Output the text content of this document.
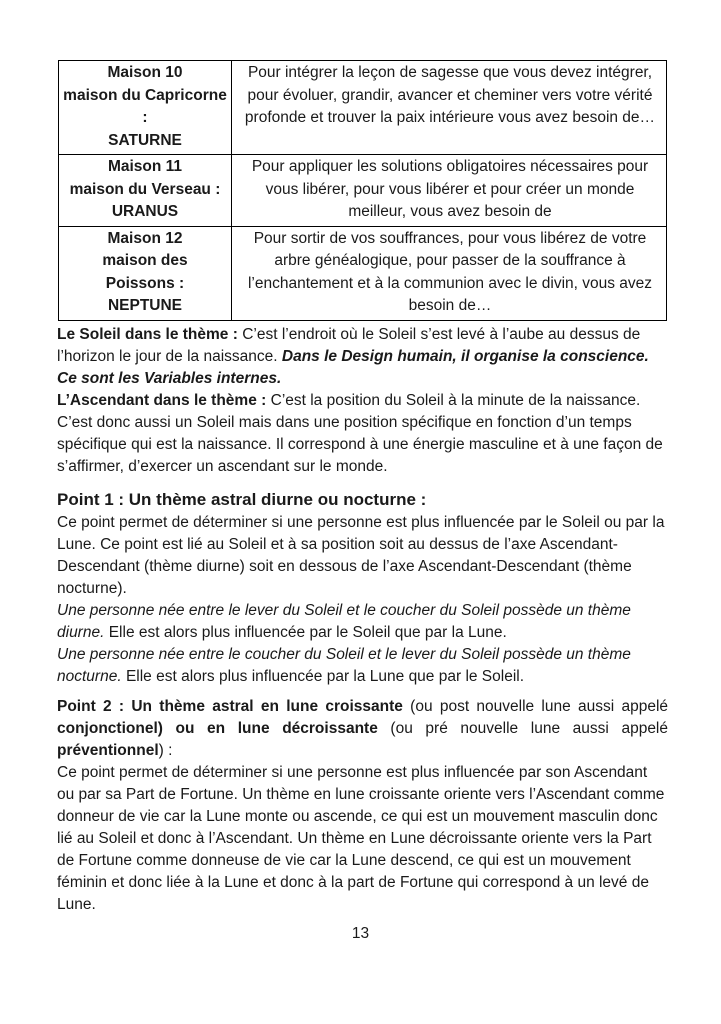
Maison 10
maison du Capricorne :
SATURNE	Pour intégrer la leçon de sagesse que vous devez intégrer, pour évoluer, grandir, avancer et cheminer vers votre vérité profonde et trouver la paix intérieure vous avez besoin de…

Maison 11
maison du Verseau :
URANUS	Pour appliquer les solutions obligatoires nécessaires pour vous libérer, pour vous libérer et pour créer un monde meilleur, vous avez besoin de

Maison 12
maison des
Poissons :
NEPTUNE	Pour sortir de vos souffrances, pour vous libérez de votre arbre généalogique, pour passer de la souffrance à l’enchantement et à la communion avec le divin, vous avez besoin de…

Le Soleil dans le thème : C’est l’endroit où le Soleil s’est levé à l’aube au dessus de l’horizon le jour de la naissance. Dans le Design humain, il organise la conscience. Ce sont les Variables internes.

L’Ascendant dans le thème : C’est la position du Soleil à la minute de la naissance. C’est donc aussi un Soleil mais dans une position spécifique en fonction d’un temps spécifique qui est la naissance. Il correspond à une énergie masculine et à une façon de s’affirmer, d’exercer un ascendant sur le monde.

Point 1 : Un thème astral diurne ou nocturne :

Ce point permet de déterminer si une personne est plus influencée par le Soleil ou par la Lune. Ce point est lié au Soleil et à sa position soit au dessus de l’axe Ascendant-Descendant (thème diurne) soit en dessous de l’axe Ascendant-Descendant (thème nocturne).

Une personne née entre le lever du Soleil et le coucher du Soleil possède un thème diurne. Elle est alors plus influencée par le Soleil que par la Lune.

Une personne née entre le coucher du Soleil et le lever du Soleil possède un thème nocturne. Elle est alors plus influencée par la Lune que par le Soleil.

Point 2 : Un thème astral en lune croissante (ou post nouvelle lune aussi appelé conjonctionel) ou en lune décroissante (ou pré nouvelle lune aussi appelé préventionnel) :

Ce point permet de déterminer si une personne est plus influencée par son Ascendant ou par sa Part de Fortune. Un thème en lune croissante oriente vers l’Ascendant comme donneur de vie car la Lune monte ou ascende, ce qui est un mouvement masculin donc lié au Soleil et donc à l’Ascendant. Un thème en Lune décroissante oriente vers la Part de Fortune comme donneuse de vie car la Lune descend, ce qui est un mouvement féminin et donc liée à la Lune et donc à la part de Fortune qui correspond à un levé de Lune.

13
